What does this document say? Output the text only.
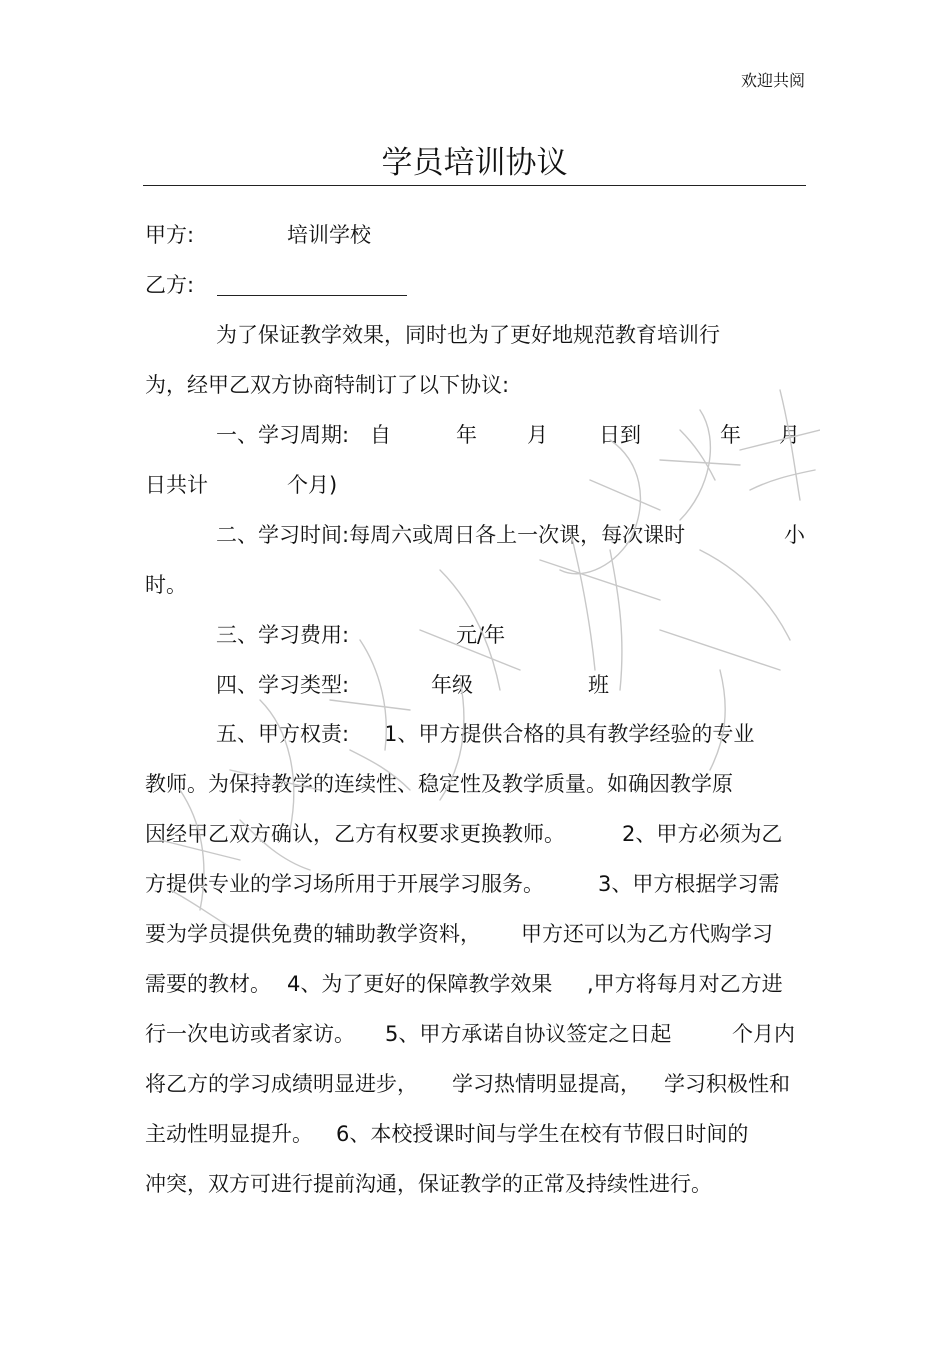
欢迎共阅
学员培训协议
甲方:	培训学校
乙方:
为了保证教学效果，同时也为了更好地规范教育培训行
为，经甲乙双方协商特制订了以下协议:
一、学习周期: 自	年 月 日到	年 月
日共计	个月)
二、学习时间:每周六或周日各上一次课，每次课时	小
时。
三、学习费用:	元/年
四、学习类型:	年级	班
五、甲方权责: 1、甲方提供合格的具有教学经验的专业
教师。为保持教学的连续性、稳定性及教学质量。如确因教学原
因经甲乙双方确认，乙方有权要求更换教师。	2、甲方必须为乙
方提供专业的学习场所用于开展学习服务。	3、甲方根据学习需
要为学员提供免费的辅助教学资料， 甲方还可以为乙方代购学习
需要的教材。 4、为了更好的保障教学效果 ,甲方将每月对乙方进
行一次电访或者家访。 5、甲方承诺自协议签定之日起	个月内
将乙方的学习成绩明显进步， 学习热情明显提高， 学习积极性和
主动性明显提升。 6、本校授课时间与学生在校有节假日时间的
冲突，双方可进行提前沟通，保证教学的正常及持续性进行。
